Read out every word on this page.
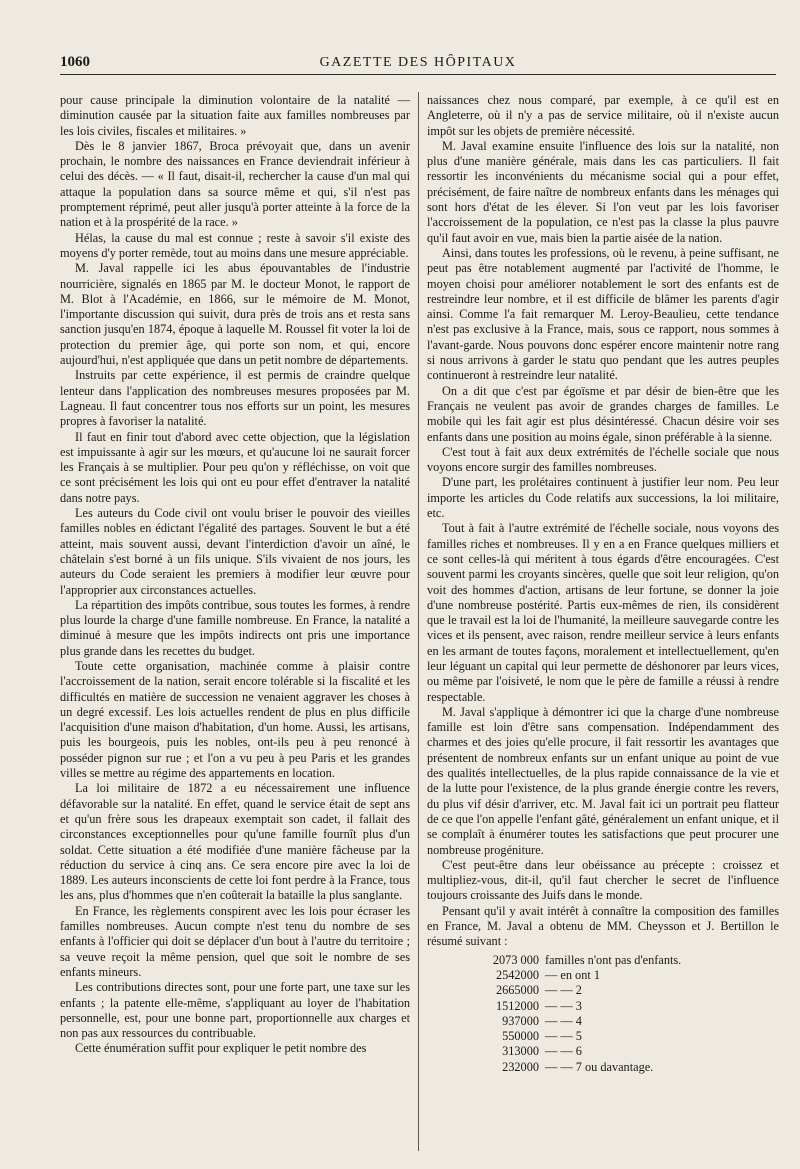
1060	GAZETTE DES HÔPITAUX

pour cause principale la diminution volontaire de la natalité — diminution causée par la situation faite aux familles nombreuses par les lois civiles, fiscales et militaires. »

Dès le 8 janvier 1867, Broca prévoyait que, dans un avenir prochain, le nombre des naissances en France deviendrait inférieur à celui des décès. — « Il faut, disait-il, rechercher la cause d'un mal qui attaque la population dans sa source même et qui, s'il n'est pas promptement réprimé, peut aller jusqu'à porter atteinte à la force de la nation et à la prospérité de la race. »

Hélas, la cause du mal est connue ; reste à savoir s'il existe des moyens d'y porter remède, tout au moins dans une mesure appréciable.

M. Javal rappelle ici les abus épouvantables de l'industrie nourricière, signalés en 1865 par M. le docteur Monot, le rapport de M. Blot à l'Académie, en 1866, sur le mémoire de M. Monot, l'importante discussion qui suivit, dura près de trois ans et resta sans sanction jusqu'en 1874, époque à laquelle M. Roussel fit voter la loi de protection du premier âge, qui porte son nom, et qui, encore aujourd'hui, n'est appliquée que dans un petit nombre de départements.

Instruits par cette expérience, il est permis de craindre quelque lenteur dans l'application des nombreuses mesures proposées par M. Lagneau. Il faut concentrer tous nos efforts sur un point, les mesures propres à favoriser la natalité.

Il faut en finir tout d'abord avec cette objection, que la législation est impuissante à agir sur les mœurs, et qu'aucune loi ne saurait forcer les Français à se multiplier. Pour peu qu'on y réfléchisse, on voit que ce sont précisément les lois qui ont eu pour effet d'entraver la natalité dans notre pays.

Les auteurs du Code civil ont voulu briser le pouvoir des vieilles familles nobles en édictant l'égalité des partages. Souvent le but a été atteint, mais souvent aussi, devant l'interdiction d'avoir un aîné, le châtelain s'est borné à un fils unique. S'ils vivaient de nos jours, les auteurs du Code seraient les premiers à modifier leur œuvre pour l'approprier aux circonstances actuelles.

La répartition des impôts contribue, sous toutes les formes, à rendre plus lourde la charge d'une famille nombreuse. En France, la natalité a diminué à mesure que les impôts indirects ont pris une importance plus grande dans les recettes du budget.

Toute cette organisation, machinée comme à plaisir contre l'accroissement de la nation, serait encore tolérable si la fiscalité et les difficultés en matière de succession ne venaient aggraver les choses à un degré excessif. Les lois actuelles rendent de plus en plus difficile l'acquisition d'une maison d'habitation, d'un home. Aussi, les artisans, puis les bourgeois, puis les nobles, ont-ils peu à peu renoncé à posséder pignon sur rue ; et l'on a vu peu à peu Paris et les grandes villes se mettre au régime des appartements en location.

La loi militaire de 1872 a eu nécessairement une influence défavorable sur la natalité. En effet, quand le service était de sept ans et qu'un frère sous les drapeaux exemptait son cadet, il fallait des circonstances exceptionnelles pour qu'une famille fournît plus d'un soldat. Cette situation a été modifiée d'une manière fâcheuse par la réduction du service à cinq ans. Ce sera encore pire avec la loi de 1889. Les auteurs inconscients de cette loi font perdre à la France, tous les ans, plus d'hommes que n'en coûterait la bataille la plus sanglante.

En France, les règlements conspirent avec les lois pour écraser les familles nombreuses. Aucun compte n'est tenu du nombre de ses enfants à l'officier qui doit se déplacer d'un bout à l'autre du territoire ; sa veuve reçoit la même pension, quel que soit le nombre de ses enfants mineurs.

Les contributions directes sont, pour une forte part, une taxe sur les enfants ; la patente elle-même, s'appliquant au loyer de l'habitation personnelle, est, pour une bonne part, proportionnelle aux charges et non pas aux ressources du contribuable.

Cette énumération suffit pour expliquer le petit nombre des

naissances chez nous comparé, par exemple, à ce qu'il est en Angleterre, où il n'y a pas de service militaire, où il n'existe aucun impôt sur les objets de première nécessité.

M. Javal examine ensuite l'influence des lois sur la natalité, non plus d'une manière générale, mais dans les cas particuliers. Il fait ressortir les inconvénients du mécanisme social qui a pour effet, précisément, de faire naître de nombreux enfants dans les ménages qui sont hors d'état de les élever. Si l'on veut par les lois favoriser l'accroissement de la population, ce n'est pas la classe la plus pauvre qu'il faut avoir en vue, mais bien la partie aisée de la nation.

Ainsi, dans toutes les professions, où le revenu, à peine suffisant, ne peut pas être notablement augmenté par l'activité de l'homme, le moyen choisi pour améliorer notablement le sort des enfants est de restreindre leur nombre, et il est difficile de blâmer les parents d'agir ainsi. Comme l'a fait remarquer M. Leroy-Beaulieu, cette tendance n'est pas exclusive à la France, mais, sous ce rapport, nous sommes à l'avant-garde. Nous pouvons donc espérer encore maintenir notre rang si nous arrivons à garder le statu quo pendant que les autres peuples continueront à restreindre leur natalité.

On a dit que c'est par égoïsme et par désir de bien-être que les Français ne veulent pas avoir de grandes charges de familles. Le mobile qui les fait agir est plus désintéressé. Chacun désire voir ses enfants dans une position au moins égale, sinon préférable à la sienne.

C'est tout à fait aux deux extrémités de l'échelle sociale que nous voyons encore surgir des familles nombreuses.

D'une part, les prolétaires continuent à justifier leur nom. Peu leur importe les articles du Code relatifs aux successions, la loi militaire, etc.

Tout à fait à l'autre extrémité de l'échelle sociale, nous voyons des familles riches et nombreuses. Il y en a en France quelques milliers et ce sont celles-là qui méritent à tous égards d'être encouragées. C'est souvent parmi les croyants sincères, quelle que soit leur religion, qu'on voit des hommes d'action, artisans de leur fortune, se donner la joie d'une nombreuse postérité. Partis eux-mêmes de rien, ils considèrent que le travail est la loi de l'humanité, la meilleure sauvegarde contre les vices et ils pensent, avec raison, rendre meilleur service à leurs enfants en les armant de toutes façons, moralement et intellectuellement, qu'en leur léguant un capital qui leur permette de déshonorer par leurs vices, ou même par l'oisiveté, le nom que le père de famille a réussi à rendre respectable.

M. Javal s'applique à démontrer ici que la charge d'une nombreuse famille est loin d'être sans compensation. Indépendamment des charmes et des joies qu'elle procure, il fait ressortir les avantages que présentent de nombreux enfants sur un enfant unique au point de vue des qualités intellectuelles, de la plus rapide connaissance de la vie et de la lutte pour l'existence, de la plus grande énergie contre les revers, du plus vif désir d'arriver, etc. M. Javal fait ici un portrait peu flatteur de ce que l'on appelle l'enfant gâté, généralement un enfant unique, et il se complaît à énumérer toutes les satisfactions que peut procurer une nombreuse progéniture.

C'est peut-être dans leur obéissance au précepte : croissez et multipliez-vous, dit-il, qu'il faut chercher le secret de l'influence toujours croissante des Juifs dans le monde.

Pensant qu'il y avait intérêt à connaître la composition des familles en France, M. Javal a obtenu de MM. Cheysson et J. Bertillon le résumé suivant :

2073 000 familles n'ont pas d'enfants.
2542000 — en ont 1
2665000 — — 2
1512000 — — 3
937000 — — 4
550000 — — 5
313000 — — 6
232000 — — 7 ou davantage.
